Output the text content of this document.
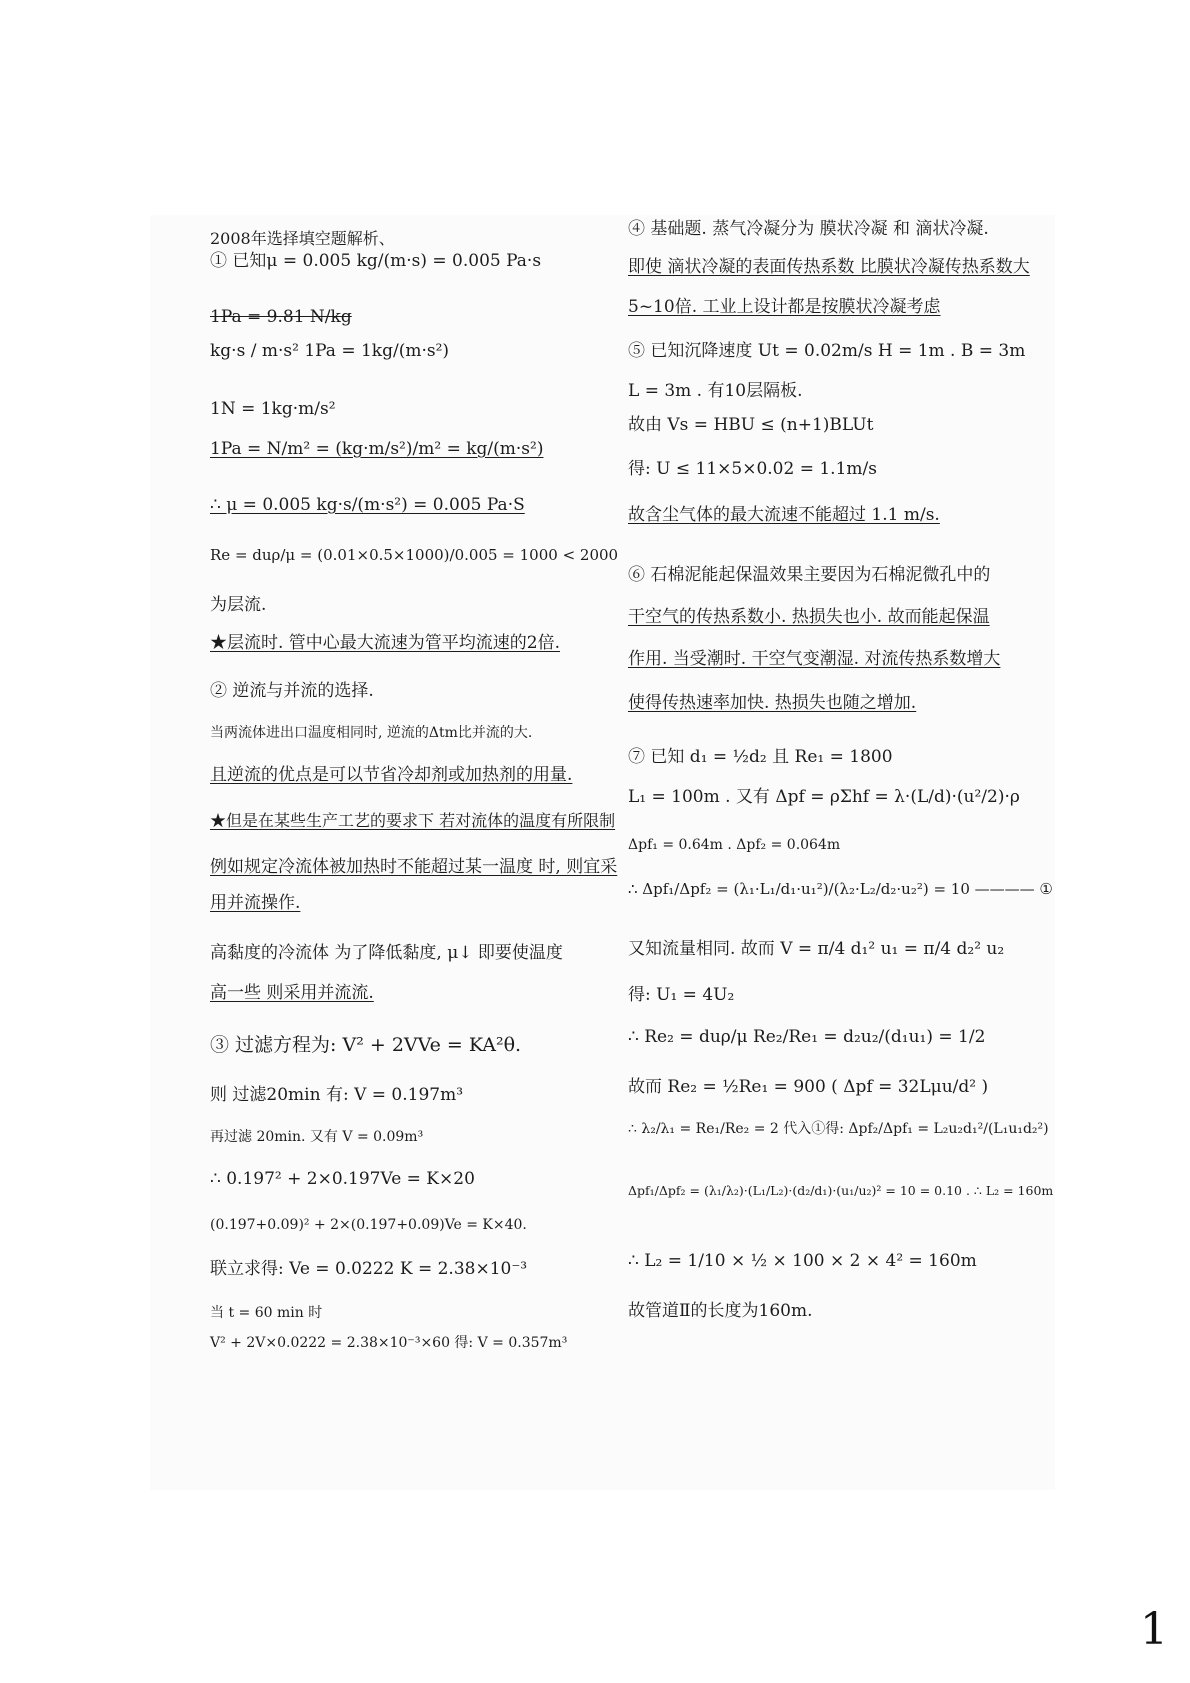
2008年选择填空题解析、
① 已知μ = 0.005 kg/(m·s) = 0.005 Pa·s
1Pa = 9.81 N/kg
kg·s / m·s² 1Pa = 1kg/(m·s²)
1N = 1kg·m/s²
1Pa = N/m² = (kg·m/s²)/m² = kg/(m·s²)
∴ μ = 0.005 kg·s/(m·s²) = 0.005 Pa·S
Re = duρ/μ = (0.01×0.5×1000)/0.005 = 1000 < 2000
为层流.
★层流时. 管中心最大流速为管平均流速的2倍.
② 逆流与并流的选择.
当两流体进出口温度相同时, 逆流的Δtm比并流的大.
且逆流的优点是可以节省冷却剂或加热剂的用量.
★但是在某些生产工艺的要求下 若对流体的温度有所限制
例如规定冷流体被加热时不能超过某一温度 时, 则宜采
用并流操作.
高黏度的冷流体 为了降低黏度, μ↓ 即要使温度
高一些 则采用并流流.
③ 过滤方程为: V² + 2VVe = KA²θ.
则 过滤20min 有: V = 0.197m³
再过滤 20min. 又有 V = 0.09m³
∴ 0.197² + 2×0.197Ve = K×20
(0.197+0.09)² + 2×(0.197+0.09)Ve = K×40.
联立求得: Ve = 0.0222 K = 2.38×10⁻³
当 t = 60 min 时
V² + 2V×0.0222 = 2.38×10⁻³×60 得: V = 0.357m³
④ 基础题. 蒸气冷凝分为 膜状冷凝 和 滴状冷凝.
即使 滴状冷凝的表面传热系数 比膜状冷凝传热系数大
5~10倍. 工业上设计都是按膜状冷凝考虑
⑤ 已知沉降速度 Ut = 0.02m/s H = 1m . B = 3m
L = 3m . 有10层隔板.
故由 Vs = HBU ≤ (n+1)BLUt
得: U ≤ 11×5×0.02 = 1.1m/s
故含尘气体的最大流速不能超过 1.1 m/s.
⑥ 石棉泥能起保温效果主要因为石棉泥微孔中的
干空气的传热系数小. 热损失也小. 故而能起保温
作用. 当受潮时. 干空气变潮湿. 对流传热系数增大
使得传热速率加快. 热损失也随之增加.
⑦ 已知 d₁ = ½d₂ 且 Re₁ = 1800
L₁ = 100m . 又有 Δpf = ρΣhf = λ·(L/d)·(u²/2)·ρ
Δpf₁ = 0.64m . Δpf₂ = 0.064m
∴ Δpf₁/Δpf₂ = (λ₁·L₁/d₁·u₁²)/(λ₂·L₂/d₂·u₂²) = 10 ———— ①
又知流量相同. 故而 V = π/4 d₁² u₁ = π/4 d₂² u₂
得: U₁ = 4U₂
∴ Re₂ = duρ/μ Re₂/Re₁ = d₂u₂/(d₁u₁) = 1/2
故而 Re₂ = ½Re₁ = 900 ( Δpf = 32Lμu/d² )
∴ λ₂/λ₁ = Re₁/Re₂ = 2 代入①得: Δpf₂/Δpf₁ = L₂u₂d₁²/(L₁u₁d₂²)
Δpf₁/Δpf₂ = (λ₁/λ₂)·(L₁/L₂)·(d₂/d₁)·(u₁/u₂)² = 10 = 0.10 . ∴ L₂ = 160m
∴ L₂ = 1/10 × ½ × 100 × 2 × 4² = 160m
故管道Ⅱ的长度为160m.
1
